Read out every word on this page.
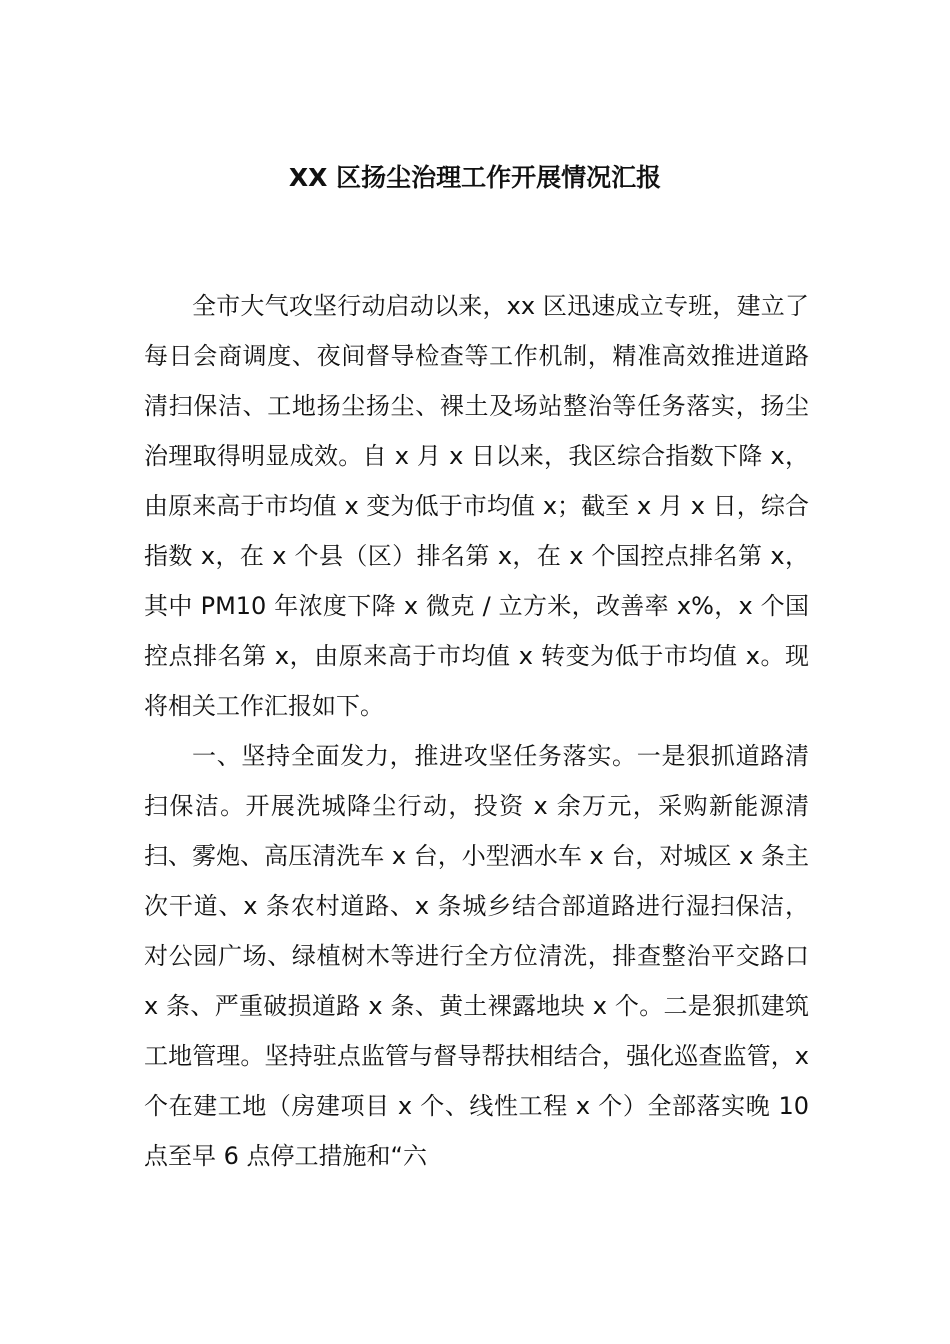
XX 区扬尘治理工作开展情况汇报

全市大气攻坚行动启动以来，xx 区迅速成立专班，建立了每日会商调度、夜间督导检查等工作机制，精准高效推进道路清扫保洁、工地扬尘扬尘、裸土及场站整治等任务落实，扬尘治理取得明显成效。自 x 月 x 日以来，我区综合指数下降 x，由原来高于市均值 x 变为低于市均值 x；截至 x 月 x 日，综合指数 x，在 x 个县（区）排名第 x，在 x 个国控点排名第 x，其中 PM10 年浓度下降 x 微克 / 立方米，改善率 x%，x 个国控点排名第 x，由原来高于市均值 x 转变为低于市均值 x。现将相关工作汇报如下。

一、坚持全面发力，推进攻坚任务落实。一是狠抓道路清扫保洁。开展洗城降尘行动，投资 x 余万元，采购新能源清扫、雾炮、高压清洗车 x 台，小型洒水车 x 台，对城区 x 条主次干道、x 条农村道路、x 条城乡结合部道路进行湿扫保洁，对公园广场、绿植树木等进行全方位清洗，排查整治平交路口 x 条、严重破损道路 x 条、黄土裸露地块 x 个。二是狠抓建筑工地管理。坚持驻点监管与督导帮扶相结合，强化巡查监管，x 个在建工地（房建项目 x 个、线性工程 x 个）全部落实晚 10 点至早 6 点停工措施和“六
